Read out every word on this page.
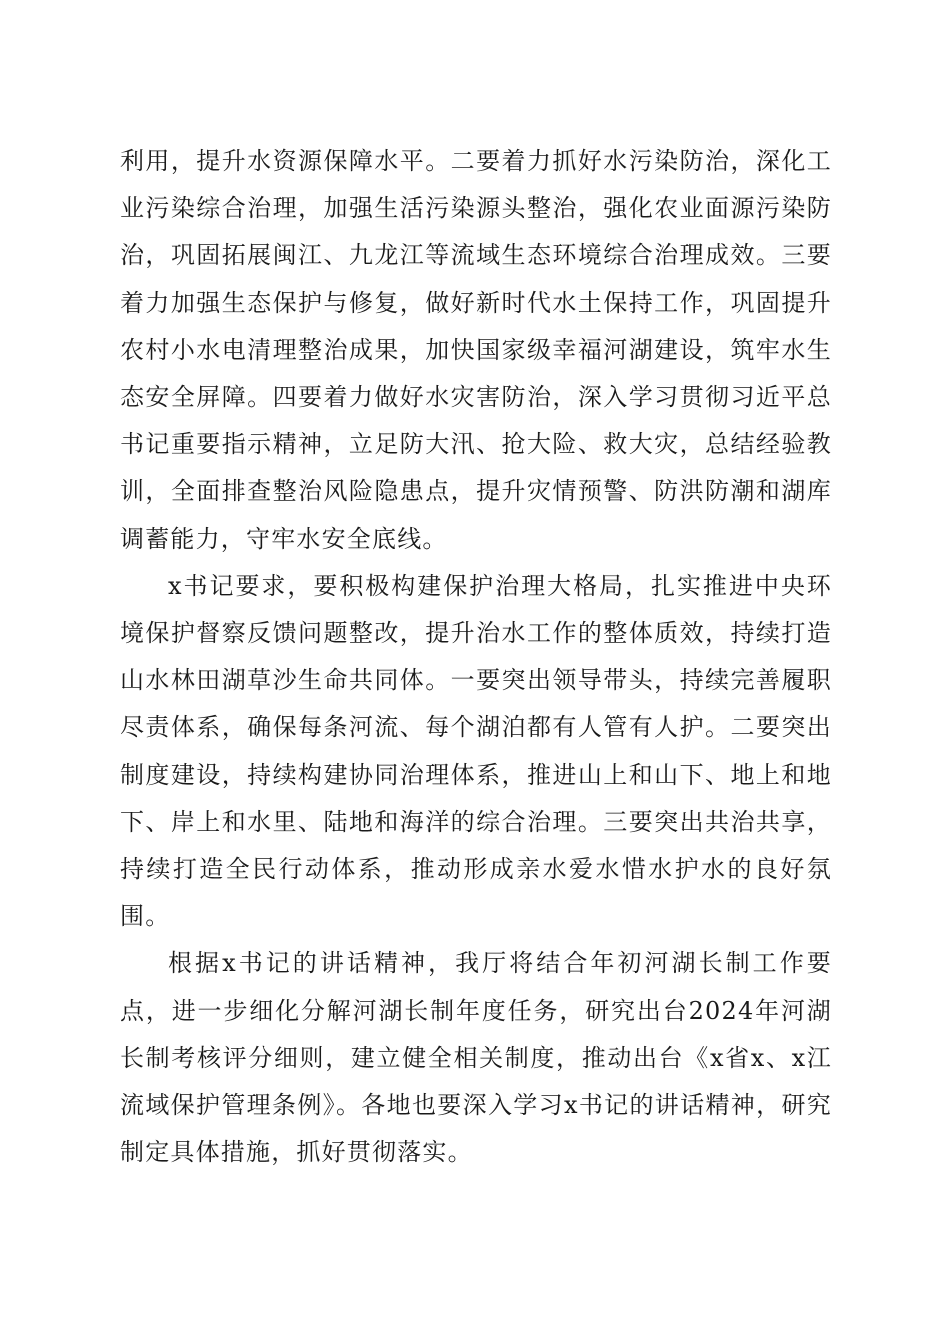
利用，提升水资源保障水平。二要着力抓好水污染防治，深化工业污染综合治理，加强生活污染源头整治，强化农业面源污染防治，巩固拓展闽江、九龙江等流域生态环境综合治理成效。三要着力加强生态保护与修复，做好新时代水土保持工作，巩固提升农村小水电清理整治成果，加快国家级幸福河湖建设，筑牢水生态安全屏障。四要着力做好水灾害防治，深入学习贯彻习近平总书记重要指示精神，立足防大汛、抢大险、救大灾，总结经验教训，全面排查整治风险隐患点，提升灾情预警、防洪防潮和湖库调蓄能力，守牢水安全底线。

x书记要求，要积极构建保护治理大格局，扎实推进中央环境保护督察反馈问题整改，提升治水工作的整体质效，持续打造山水林田湖草沙生命共同体。一要突出领导带头，持续完善履职尽责体系，确保每条河流、每个湖泊都有人管有人护。二要突出制度建设，持续构建协同治理体系，推进山上和山下、地上和地下、岸上和水里、陆地和海洋的综合治理。三要突出共治共享，持续打造全民行动体系，推动形成亲水爱水惜水护水的良好氛围。

根据x书记的讲话精神，我厅将结合年初河湖长制工作要点，进一步细化分解河湖长制年度任务，研究出台2024年河湖长制考核评分细则，建立健全相关制度，推动出台《x省x、x江流域保护管理条例》。各地也要深入学习x书记的讲话精神，研究制定具体措施，抓好贯彻落实。
